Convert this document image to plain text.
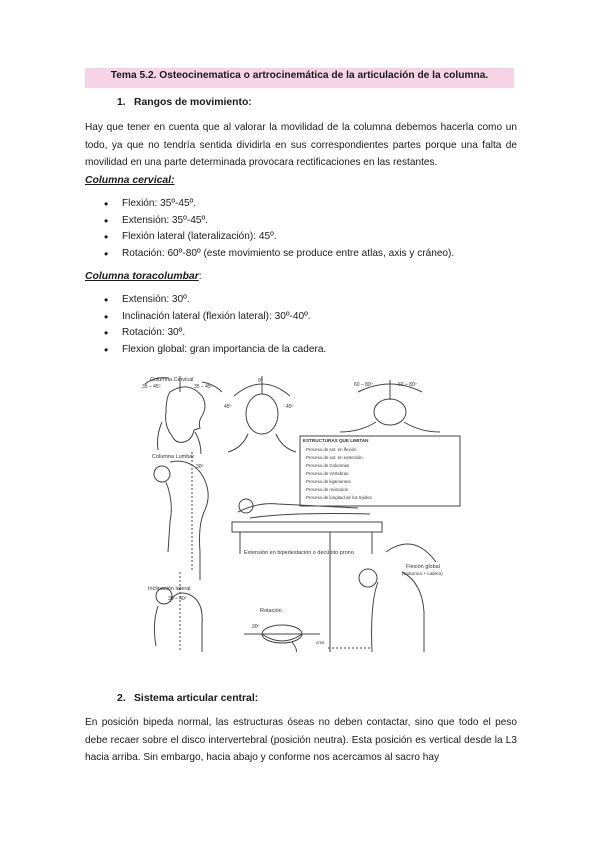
Tema 5.2. Osteocinematica o artrocinemática de la articulación de la columna.
1. Rangos de movimiento:
Hay que tener en cuenta que al valorar la movilidad de la columna debemos hacerla como un todo, ya que no tendría sentida dividirla en sus correspondientes partes porque una falta de movilidad en una parte determinada provocara rectificaciones en las restantes.
Columna cervical:
• Flexión: 35º-45º.
• Extensión: 35º-45º.
• Flexión lateral (lateralización): 45º.
• Rotación: 60º-80º (este movimiento se produce entre atlas, axis y cráneo).
Columna toracolumbar:
• Extensión: 30º.
• Inclinación lateral (flexión lateral): 30º-40º.
• Rotación: 30º.
• Flexion global: gran importancia de la cadera.
Columna Cervical
35 – 45º	35 – 45º
0º
45º	45º
60 – 80º	60 – 80º
Columna Lumbar
30º
ESTRUCTURAS QUE LIMITAN
Proceso de ext. en flexión
Proceso de ext. en extensión
Proceso de Columnas
Proceso de Vértebras
Proceso de ligamentos
Proceso de músculos
Proceso de longitud de los tejidos
Extensión en bipedestación o decúbito prono
Inclinación lateral
30 – 40º
Rotación
30º
Flexión global
(Columna + cadera)
cms
2. Sistema articular central:
En posición bipeda normal, las estructuras óseas no deben contactar, sino que todo el peso debe recaer sobre el disco intervertebral (posición neutra). Esta posición es vertical desde la L3 hacia arriba. Sin embargo, hacia abajo y conforme nos acercamos al sacro hay
